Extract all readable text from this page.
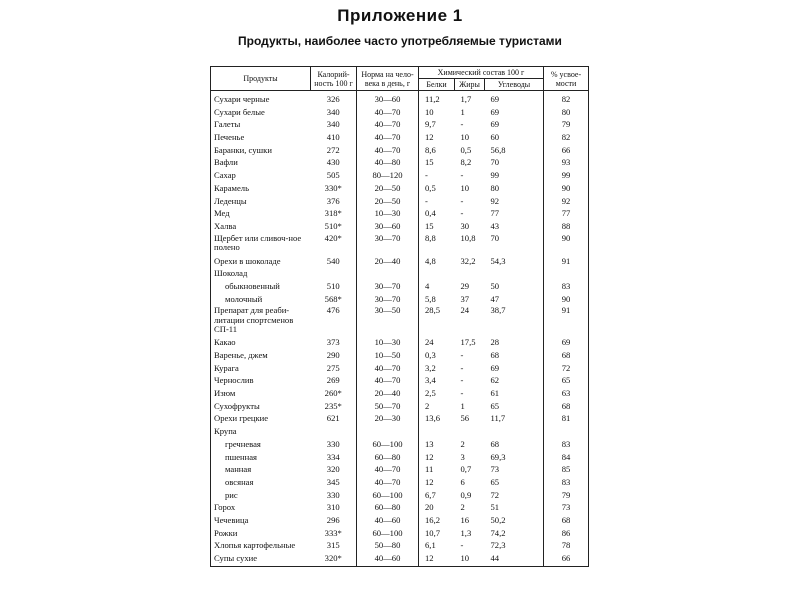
Приложение 1
Продукты, наиболее часто употребляемые туристами
Продукты	Калорий-ность 100 г	Норма на чело-века в день, г	Химический состав 100 г			% усвое-мости
			Белки	Жиры	Углеводы	
Сухари черные	326	30—60	11,2	1,7	69	82
Сухари белые	340	40—70	10	1	69	80
Галеты	340	40—70	9,7	-	69	79
Печенье	410	40—70	12	10	60	82
Баранки, сушки	272	40—70	8,6	0,5	56,8	66
Вафли	430	40—80	15	8,2	70	93
Сахар	505	80—120	-	-	99	99
Карамель	330*	20—50	0,5	10	80	90
Леденцы	376	20—50	-	-	92	92
Мед	318*	10—30	0,4	-	77	77
Халва	510*	30—60	15	30	43	88
Щербет или сливоч-ное полено	420*	30—70	8,8	10,8	70	90
Орехи в шоколаде	540	20—40	4,8	32,2	54,3	91
Шоколад						
обыкновенный	510	30—70	4	29	50	83
молочный	568*	30—70	5,8	37	47	90
Препарат для реаби-литации спортсменов СП-11	476	30—50	28,5	24	38,7	91
Какао	373	10—30	24	17,5	28	69
Варенье, джем	290	10—50	0,3	-	68	68
Курага	275	40—70	3,2	-	69	72
Чернослив	269	40—70	3,4	-	62	65
Изюм	260*	20—40	2,5	-	61	63
Сухофрукты	235*	50—70	2	1	65	68
Орехи грецкие	621	20—30	13,6	56	11,7	81
Крупа						
гречневая	330	60—100	13	2	68	83
пшенная	334	60—80	12	3	69,3	84
манная	320	40—70	11	0,7	73	85
овсяная	345	40—70	12	6	65	83
рис	330	60—100	6,7	0,9	72	79
Горох	310	60—80	20	2	51	73
Чечевица	296	40—60	16,2	16	50,2	68
Рожки	333*	60—100	10,7	1,3	74,2	86
Хлопья картофельные	315	50—80	6,1	-	72,3	78
Супы сухие	320*	40—60	12	10	44	66
